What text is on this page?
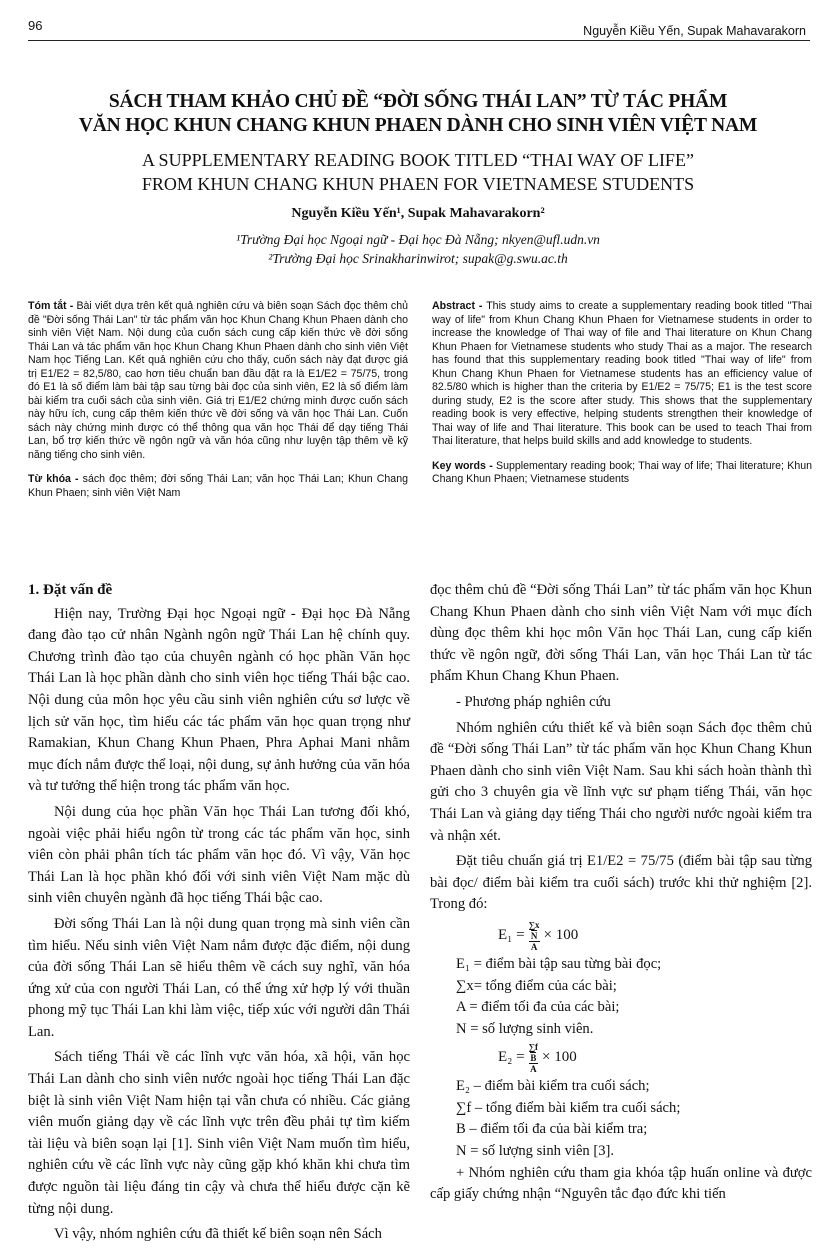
96	Nguyễn Kiều Yến, Supak Mahavarakorn
SÁCH THAM KHẢO CHỦ ĐỀ “ĐỜI SỐNG THÁI LAN” TỪ TÁC PHẨM
VĂN HỌC KHUN CHANG KHUN PHAEN DÀNH CHO SINH VIÊN VIỆT NAM
A SUPPLEMENTARY READING BOOK TITLED “THAI WAY OF LIFE”
FROM KHUN CHANG KHUN PHAEN FOR VIETNAMESE STUDENTS
Nguyễn Kiều Yến¹, Supak Mahavarakorn²
¹Trường Đại học Ngoại ngữ - Đại học Đà Nẵng; nkyen@ufl.udn.vn
²Trường Đại học Srinakharinwirot; supak@g.swu.ac.th

Tóm tắt - Bài viết dựa trên kết quả nghiên cứu và biên soạn Sách đọc thêm chủ đề "Đời sống Thái Lan" từ tác phẩm văn học Khun Chang Khun Phaen dành cho sinh viên Việt Nam. Nội dung của cuốn sách cung cấp kiến thức về đời sống Thái Lan và tác phẩm văn học Khun Chang Khun Phaen dành cho sinh viên Việt Nam học Tiếng Lan. Kết quả nghiên cứu cho thấy, cuốn sách này đạt được giá trị E1/E2 = 82,5/80, cao hơn tiêu chuẩn ban đầu đặt ra là E1/E2 = 75/75, trong đó E1 là số điểm làm bài tập sau từng bài đọc của sinh viên, E2 là số điểm làm bài kiểm tra cuối sách của sinh viên. Giá trị E1/E2 chứng minh được cuốn sách này hữu ích, cung cấp thêm kiến thức về đời sống và văn học Thái Lan. Cuốn sách này chứng minh được có thể thông qua văn học Thái để dạy tiếng Thái Lan, bổ trợ kiến thức về ngôn ngữ và văn hóa cũng như luyện tập thêm về kỹ năng tiếng cho sinh viên.

Từ khóa - sách đọc thêm; đời sống Thái Lan; văn học Thái Lan; Khun Chang Khun Phaen; sinh viên Việt Nam

Abstract - This study aims to create a supplementary reading book titled "Thai way of life" from Khun Chang Khun Phaen for Vietnamese students in order to increase the knowledge of Thai way of file and Thai literature on Khun Chang Khun Phaen for Vietnamese students who study Thai as a major. The research has found that this supplementary reading book titled "Thai way of life" from Khun Chang Khun Phaen for Vietnamese students has an efficiency value of 82.5/80 which is higher than the criteria by E1/E2 = 75/75; E1 is the test score during study, E2 is the score after study. This shows that the supplementary reading book is very effective, helping students strengthen their knowledge of Thai way of life and Thai literature. This book can be used to teach Thai from Thai literature, that helps build skills and add knowledge to students.

Key words - Supplementary reading book; Thai way of life; Thai literature; Khun Chang Khun Phaen; Vietnamese students

1. Đặt vấn đề

Hiện nay, Trường Đại học Ngoại ngữ - Đại học Đà Nẵng đang đào tạo cử nhân Ngành ngôn ngữ Thái Lan hệ chính quy. Chương trình đào tạo của chuyên ngành có học phần Văn học Thái Lan là học phần dành cho sinh viên học tiếng Thái bậc cao. Nội dung của môn học yêu cầu sinh viên nghiên cứu sơ lược về lịch sử văn học, tìm hiểu các tác phẩm văn học quan trọng như Ramakian, Khun Chang Khun Phaen, Phra Aphai Mani nhằm mục đích nắm được thể loại, nội dung, sự ảnh hưởng của văn hóa và tư tưởng thể hiện trong tác phẩm văn học.

Nội dung của học phần Văn học Thái Lan tương đối khó, ngoài việc phải hiểu ngôn từ trong các tác phẩm văn học, sinh viên còn phải phân tích tác phẩm văn học đó. Vì vậy, Văn học Thái Lan là học phần khó đối với sinh viên Việt Nam mặc dù sinh viên chuyên ngành đã học tiếng Thái bậc cao.

Đời sống Thái Lan là nội dung quan trọng mà sinh viên cần tìm hiểu. Nếu sinh viên Việt Nam nắm được đặc điểm, nội dung của đời sống Thái Lan sẽ hiểu thêm về cách suy nghĩ, văn hóa ứng xử của con người Thái Lan, có thể ứng xử hợp lý với thuần phong mỹ tục Thái Lan khi làm việc, tiếp xúc với người dân Thái Lan.

Sách tiếng Thái về các lĩnh vực văn hóa, xã hội, văn học Thái Lan dành cho sinh viên nước ngoài học tiếng Thái Lan đặc biệt là sinh viên Việt Nam hiện tại vẫn chưa có nhiều. Các giảng viên muốn giảng dạy về các lĩnh vực trên đều phải tự tìm kiếm tài liệu và biên soạn lại [1]. Sinh viên Việt Nam muốn tìm hiểu, nghiên cứu về các lĩnh vực này cũng gặp khó khăn khi chưa tìm được nguồn tài liệu đáng tin cậy và chưa thể hiểu được cặn kẽ từng nội dung.

Vì vậy, nhóm nghiên cứu đã thiết kế biên soạn nên Sách

đọc thêm chủ đề “Đời sống Thái Lan” từ tác phẩm văn học Khun Chang Khun Phaen dành cho sinh viên Việt Nam với mục đích dùng đọc thêm khi học môn Văn học Thái Lan, cung cấp kiến thức về ngôn ngữ, đời sống Thái Lan, văn học Thái Lan từ tác phẩm Khun Chang Khun Phaen.

- Phương pháp nghiên cứu

Nhóm nghiên cứu thiết kế và biên soạn Sách đọc thêm chủ đề “Đời sống Thái Lan” từ tác phẩm văn học Khun Chang Khun Phaen dành cho sinh viên Việt Nam. Sau khi sách hoàn thành thì gửi cho 3 chuyên gia về lĩnh vực sư phạm tiếng Thái, văn học Thái Lan và giảng dạy tiếng Thái cho người nước ngoài kiểm tra và nhận xét.

Đặt tiêu chuẩn giá trị E1/E2 = 75/75 (điểm bài tập sau từng bài đọc/ điểm bài kiểm tra cuối sách) trước khi thử nghiệm [2]. Trong đó:

$E_1 = \frac{\frac{\sum x}{N}}{A} \times 100$

E₁ = điểm bài tập sau từng bài đọc;

∑x= tổng điểm của các bài;

A = điểm tối đa của các bài;

N = số lượng sinh viên.

$E_2 = \frac{\frac{\sum f}{B}}{A} \times 100$

E₂ – điểm bài kiểm tra cuối sách;

∑f – tổng điểm bài kiểm tra cuối sách;

B – điểm tối đa của bài kiểm tra;

N = số lượng sinh viên [3].

+ Nhóm nghiên cứu tham gia khóa tập huấn online và được cấp giấy chứng nhận “Nguyên tắc đạo đức khi tiến
